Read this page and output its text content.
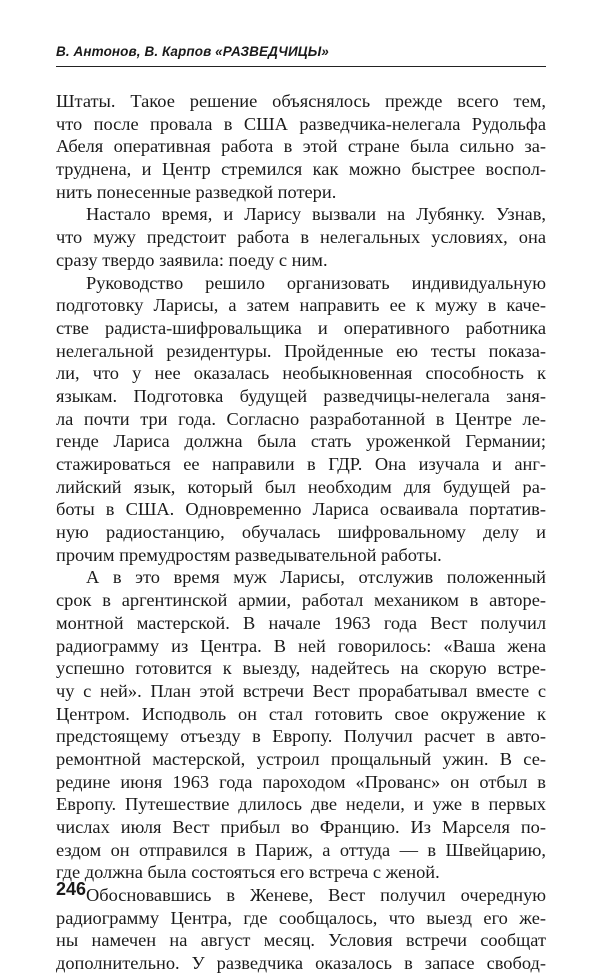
В. Антонов, В. Карпов «РАЗВЕДЧИЦЫ»
Штаты. Такое решение объяснялось прежде всего тем,
что после провала в США разведчика-нелегала Рудольфа
Абеля оперативная работа в этой стране была сильно за-
труднена, и Центр стремился как можно быстрее воспол-
нить понесенные разведкой потери.
Настало время, и Ларису вызвали на Лубянку. Узнав,
что мужу предстоит работа в нелегальных условиях, она
сразу твердо заявила: поеду с ним.
Руководство решило организовать индивидуальную
подготовку Ларисы, а затем направить ее к мужу в каче-
стве радиста-шифровальщика и оперативного работника
нелегальной резидентуры. Пройденные ею тесты показа-
ли, что у нее оказалась необыкновенная способность к
языкам. Подготовка будущей разведчицы-нелегала заня-
ла почти три года. Согласно разработанной в Центре ле-
генде Лариса должна была стать уроженкой Германии;
стажироваться ее направили в ГДР. Она изучала и анг-
лийский язык, который был необходим для будущей ра-
боты в США. Одновременно Лариса осваивала портатив-
ную радиостанцию, обучалась шифровальному делу и
прочим премудростям разведывательной работы.
А в это время муж Ларисы, отслужив положенный
срок в аргентинской армии, работал механиком в авторе-
монтной мастерской. В начале 1963 года Вест получил
радиограмму из Центра. В ней говорилось: «Ваша жена
успешно готовится к выезду, надейтесь на скорую встре-
чу с ней». План этой встречи Вест прорабатывал вместе с
Центром. Исподволь он стал готовить свое окружение к
предстоящему отъезду в Европу. Получил расчет в авто-
ремонтной мастерской, устроил прощальный ужин. В се-
редине июня 1963 года пароходом «Прованс» он отбыл в
Европу. Путешествие длилось две недели, и уже в первых
числах июля Вест прибыл во Францию. Из Марселя по-
ездом он отправился в Париж, а оттуда — в Швейцарию,
где должна была состояться его встреча с женой.
Обосновавшись в Женеве, Вест получил очередную
радиограмму Центра, где сообщалось, что выезд его же-
ны намечен на август месяц. Условия встречи сообщат
дополнительно. У разведчика оказалось в запасе свобод-
246
